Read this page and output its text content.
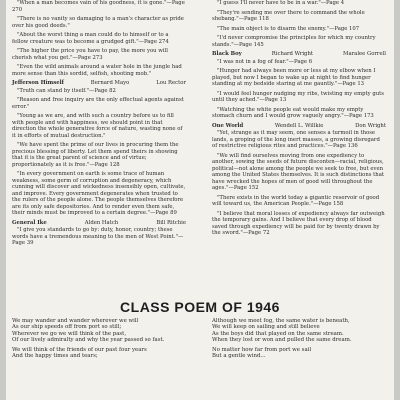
"When a man becomes vain of his goodness, it is gone."—Page 270

"There is no vanity so damaging to a man's character as pride over his good deeds."

"About the worst thing a man could do to himself or to a fellow creature was to become a grudged gift."—Page 274

"The higher the price you have to pay, the more you will cherish what you get."—Page 273

"Even the wild animals around a water hole in the jungle had more sense than this sordid, selfish, shooting mob."

Jefferson Himself	Bernard Mayo	Lou Rector

"Truth can stand by itself."—Page 82

"Reason and free inquiry are the only effectual agents against error."

"Young as we are, and with such a country before us to fill with people and with happiness, we should point in that direction the whole generative force of nature, wasting none of it in efforts of mutual destruction."

"We have spent the prime of our lives in procuring them the precious blessing of liberty. Let them spend theirs in showing that it is the great parent of science and of virtue; proportionately as it is free."—Page 128

"In every government on earth is some trace of human weakness, some germ of corruption and degeneracy, which cunning will discover and wickedness insensibly open, cultivate, and improve. Every government degenerates when trusted to the rulers of the people alone. The people themselves therefore are its only safe depositories. And to render even them safe, their minds must be improved to a certain degree."—Page 89

General Ike	Alden Hatch	Bill Ritchie

"I give you standards to go by: duty, honor, country; these words have a tremendous meaning to the men of West Point."—Page 39

"I guess I'll never have to be in a war."—Page 4

"They're sending me over there to command the whole shebang."—Page 118

"The main object is to disarm the enemy."—Page 107

"I'd never compromise the principles for which my country stands."—Page 145

Black Boy	Richard Wright	Maralee Gorrell

"I was not in a fog of fear."—Page 6

"Hunger had always been more or less at my elbow when I played, but now I began to wake up at night to find hunger standing at my bedside staring at me gauntly."—Page 13

"I would feel hunger nudging my ribs, twisting my empty guts until they ached."—Page 13

"Watching the white people eat would make my empty stomach churn and I would grow vaguely angry."—Page 173

One World	Wendell L. Willkie	Don Wright

"Yet, strange as it may seem, one senses a turmoil in those lands, a groping of the long inert masses, a growing disregard of restrictive religious rites and practices."—Page 136

"We will find ourselves moving from one expediency to another, sowing the seeds of future disconten—racial, religious, political—not alone among the people we seek to free, but even among the United States themselves. It is such distinctions that have wrecked the hopes of men of good will throughout the ages."—Page 152

"There exists in the world today a gigantic reservoir of good will toward us, the American People."—Page 158

"I believe that moral losses of expediency always far outweigh the temporary gains. And I believe that every drop of blood saved through expediency will be paid for by twenty drawn by the sword."—Page 72

CLASS POEM OF 1946

We may wander and wander wherever we will
As our ship speeds off from port so still;
Wherever we go we will think of the past,
Of our lively admiralty and why the year passed so fast.

We will think of the friends of our past four years
And the happy times and tears;

Although we meet fog, the same water is beneath,
We will keep on sailing and still believe
As the boys did that played on the same stream.
When they lost or won and pulled the same dream.

No matter how far from port we sail
But a gentle wind...
